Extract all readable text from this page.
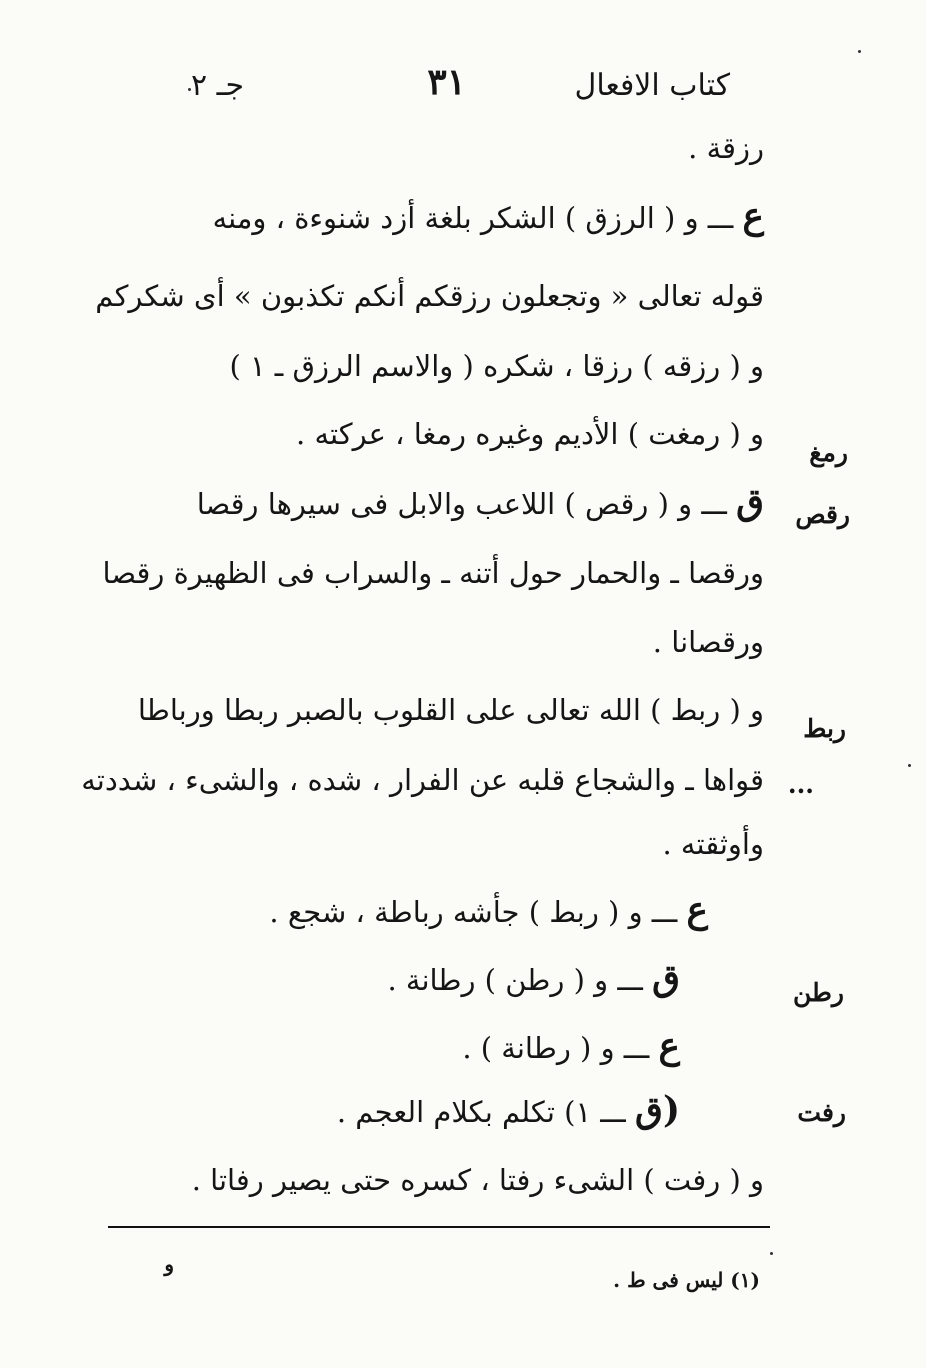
كتاب الافعال
٣١
جـ ٢
رزقة .
ع ـــ و ( الرزق ) الشكر بلغة أزد شنوءة ، ومنه
قوله تعالى « وتجعلون رزقكم أنكم تكذبون » أى شكركم
و ( رزقه ) رزقا ، شكره ( والاسم الرزق ـ ١ )
و ( رمغت ) الأديم وغيره رمغا ، عركته .
ق ـــ و ( رقص ) اللاعب والابل فى سيرها رقصا
ورقصا ـ والحمار حول أتنه ـ والسراب فى الظهيرة رقصا
ورقصانا .
و ( ربط ) الله تعالى على القلوب بالصبر ربطا ورباطا
قواها ـ والشجاع قلبه عن الفرار ، شده ، والشىء ، شددته
وأوثقته .
ع ـــ و ( ربط ) جأشه رباطة ، شجع .
ق ـــ و ( رطن ) رطانة .
ع ـــ و ( رطانة ) .
(ق ـــ ١) تكلم بكلام العجم .
و ( رفت ) الشىء رفتا ، كسره حتى يصير رفاتا .
رمغ
رقص
ربط
...
رطن
رفت
(١) ليس فى ط .
و
